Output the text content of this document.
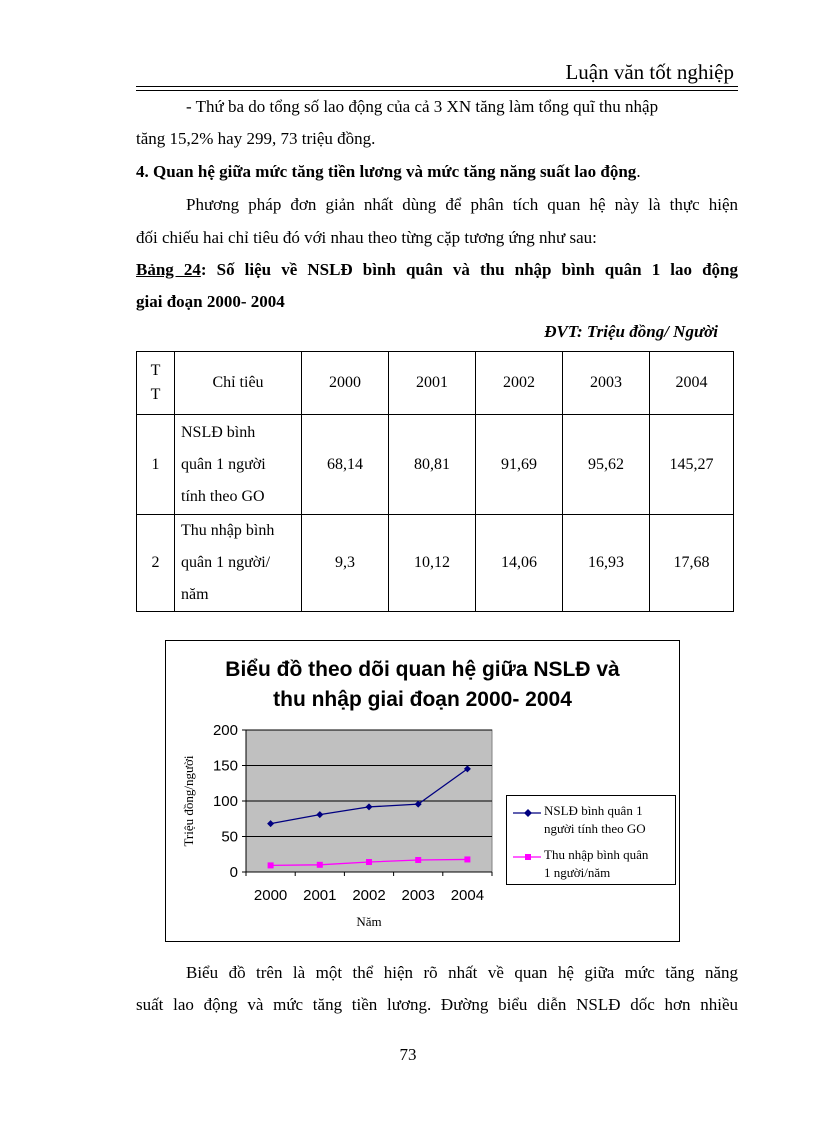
Luận văn tốt nghiệp
- Thứ ba do tổng số lao động của cả 3 XN tăng làm tổng quĩ thu nhập
tăng 15,2% hay 299, 73 triệu đồng.
4. Quan hệ giữa mức tăng tiền lương và mức tăng năng suất lao động.
Phương pháp đơn giản nhất dùng để phân tích quan hệ này là thực hiện
đối chiếu hai chỉ tiêu đó với nhau theo từng cặp tương ứng như sau:
Bảng 24: Số liệu về NSLĐ bình quân và thu nhập bình quân 1 lao động
giai đoạn 2000- 2004
ĐVT: Triệu đồng/ Người
T
T	Chỉ tiêu	2000	2001	2002	2003	2004
1	NSLĐ bình
quân 1 người
tính theo GO	68,14	80,81	91,69	95,62	145,27
2	Thu nhập bình
quân 1 người/
năm	9,3	10,12	14,06	16,93	17,68
Biểu đồ theo dõi quan hệ giữa NSLĐ và
thu nhập giai đoạn 2000- 2004
0
50
100
150
200
2000 2001 2002 2003 2004
Triệu đồng/người
Năm
NSLĐ bình quân 1
người tính theo GO
Thu nhập bình quân
1 người/năm
Biểu đồ trên là một thể hiện rõ nhất về quan hệ giữa mức tăng năng
suất lao động và mức tăng tiền lương. Đường biểu diễn NSLĐ dốc hơn nhiều
73
